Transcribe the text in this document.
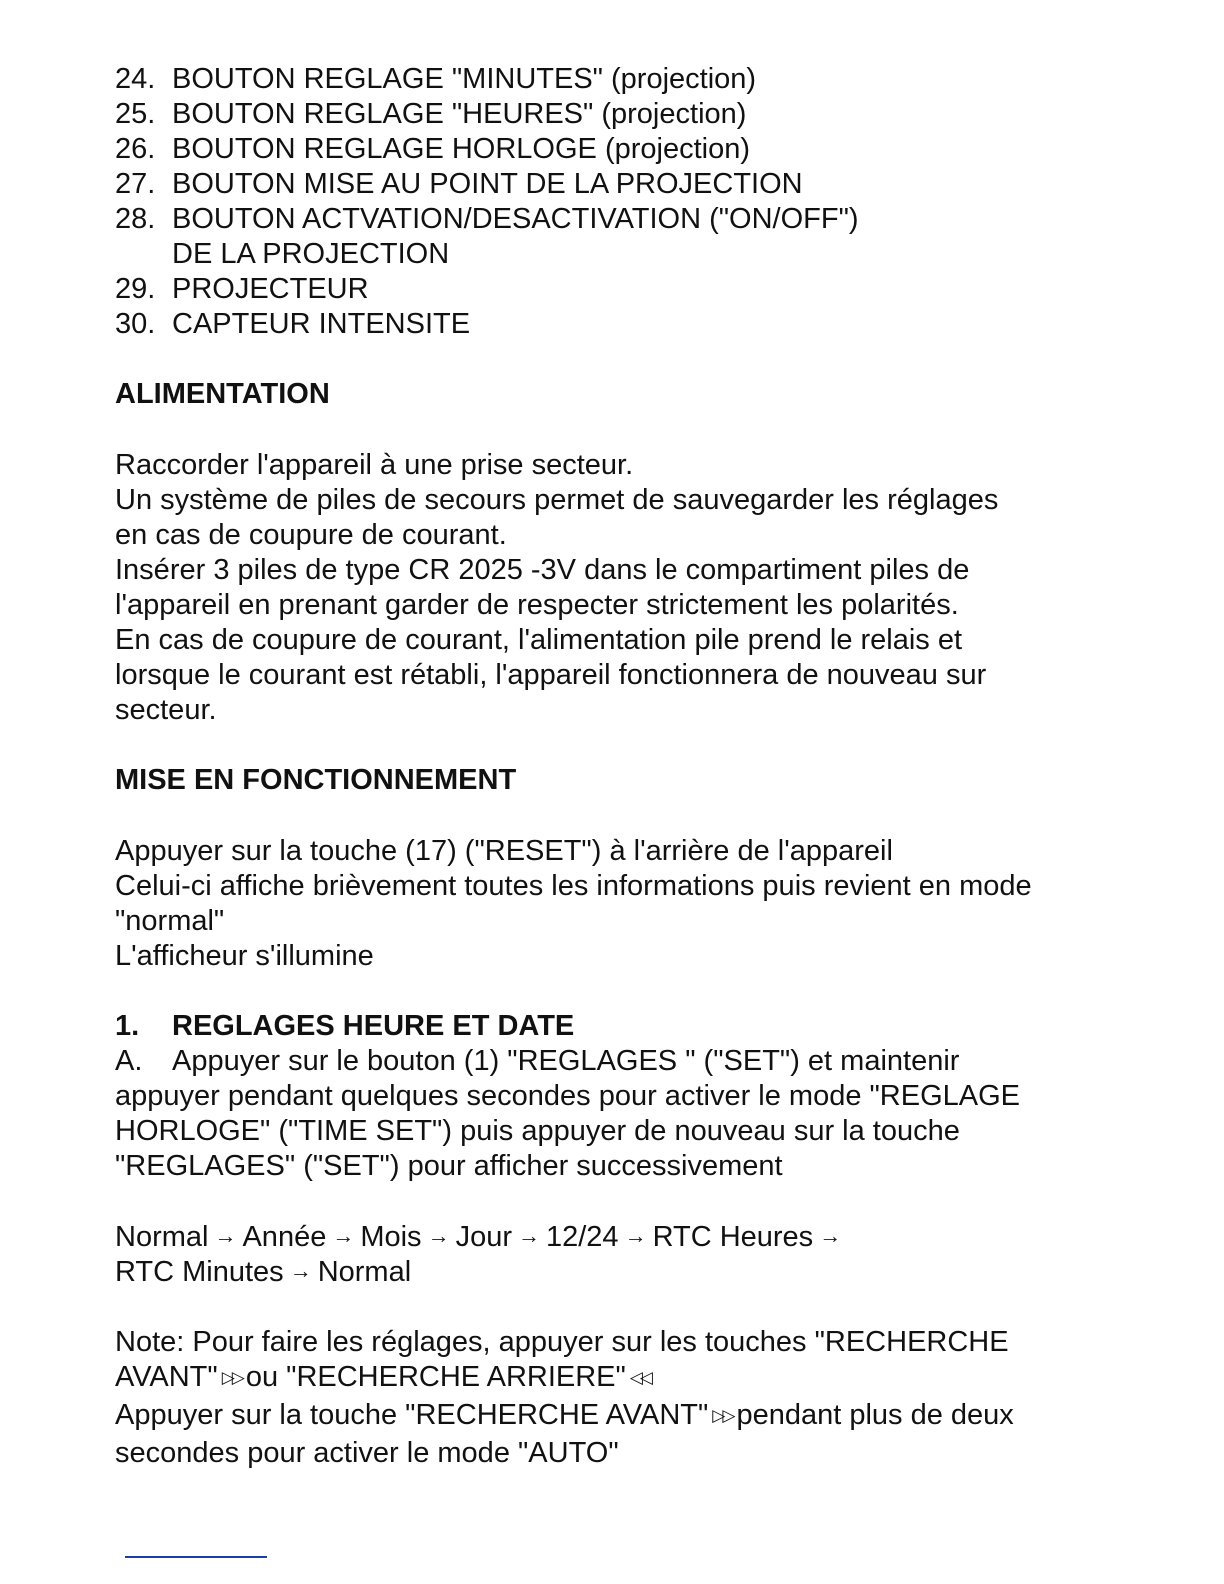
24. BOUTON REGLAGE "MINUTES" (projection)
25. BOUTON REGLAGE "HEURES" (projection)
26. BOUTON REGLAGE HORLOGE (projection)
27. BOUTON MISE AU POINT DE LA PROJECTION
28. BOUTON ACTVATION/DESACTIVATION ("ON/OFF")
DE LA PROJECTION
29. PROJECTEUR
30. CAPTEUR INTENSITE
ALIMENTATION
Raccorder l'appareil à une prise secteur.
Un système de piles de secours permet de sauvegarder les réglages
en cas de coupure de courant.
Insérer 3 piles de type CR 2025 -3V dans le compartiment piles de
l'appareil en prenant garder de respecter strictement les polarités.
En cas de coupure de courant, l'alimentation pile prend le relais et
lorsque le courant est rétabli, l'appareil fonctionnera de nouveau sur
secteur.
MISE EN FONCTIONNEMENT
Appuyer sur la touche (17) ("RESET") à l'arrière de l'appareil
Celui-ci affiche brièvement toutes les informations puis revient en mode
"normal"
L'afficheur s'illumine
1.	REGLAGES HEURE ET DATE
A. Appuyer sur le bouton (1) "REGLAGES " ("SET") et maintenir
appuyer pendant quelques secondes pour activer le mode "REGLAGE
HORLOGE" ("TIME SET") puis appuyer de nouveau sur la touche
"REGLAGES" ("SET") pour afficher successivement
Normal → Année → Mois → Jour → 12/24 → RTC Heures →
RTC Minutes → Normal
Note: Pour faire les réglages, appuyer sur les touches "RECHERCHE
AVANT" ▷▷ ou "RECHERCHE ARRIERE" ◁◁
Appuyer sur la touche "RECHERCHE AVANT" ▷▷ pendant plus de deux
secondes pour activer le mode "AUTO"
